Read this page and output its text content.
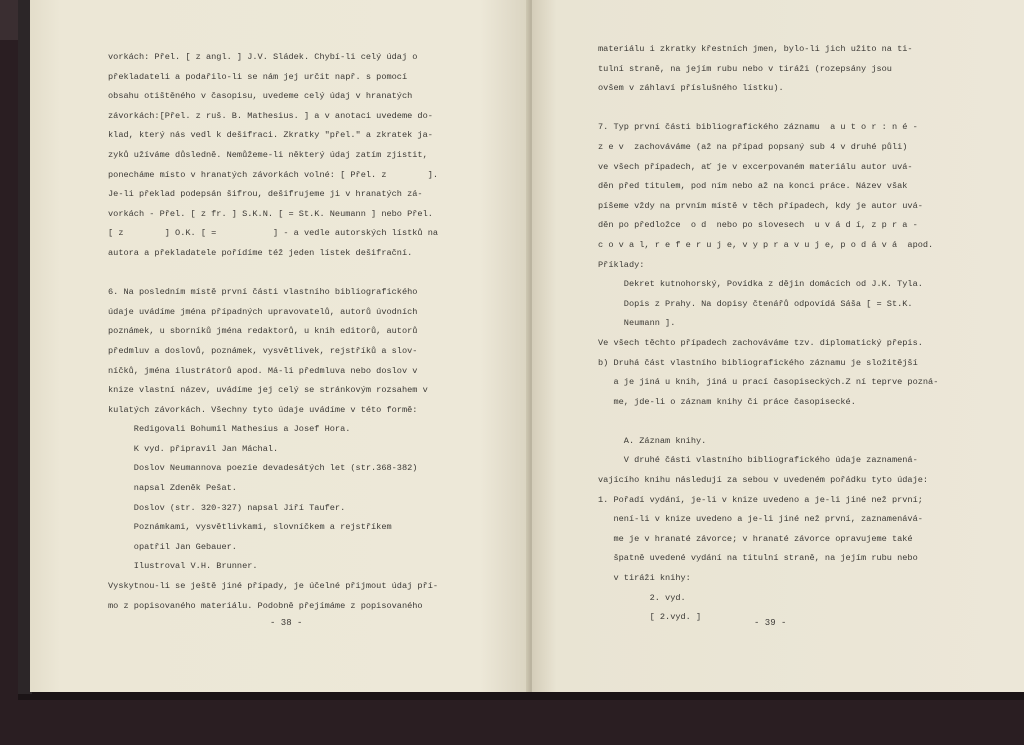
vorkách: Přel. [ z angl. ] J.V. Sládek. Chybí-li celý údaj o
překladateli a podařilo-li se nám jej určit např. s pomocí
obsahu otištěného v časopisu, uvedeme celý údaj v hranatých
závorkách:[Přel. z ruš. B. Mathesius. ] a v anotaci uvedeme do-
klad, který nás vedl k dešifraci. Zkratky "přel." a zkratek ja-
zyků užíváme důsledně. Nemůžeme-li některý údaj zatím zjistit,
ponecháme místo v hranatých závorkách volné: [ Přel. z        ].
Je-li překlad podepsán šifrou, dešifrujeme ji v hranatých zá-
vorkách - Přel. [ z fr. ] S.K.N. [ = St.K. Neumann ] nebo Přel.
[ z        ] O.K. [ =           ] - a vedle autorských lístků na
autora a překladatele pořídíme též jeden lístek dešifrační.
6. Na posledním místě první části vlastního bibliografického
údaje uvádíme jména případných upravovatelů, autorů úvodních
poznámek, u sborníků jména redaktorů, u knih editorů, autorů
předmluv a doslovů, poznámek, vysvětlivek, rejstříků a slov-
níčků, jména ilustrátorů apod. Má-li předmluva nebo doslov v
knize vlastní název, uvádíme jej celý se stránkovým rozsahem v
kulatých závorkách. Všechny tyto údaje uvádíme v této formě:
Redigovali Bohumil Mathesius a Josef Hora.
K vyd. připravil Jan Máchal.
Doslov Neumannova poezie devadesátých let (str.368-382)
napsal Zdeněk Pešat.
Doslov (str. 320-327) napsal Jiří Taufer.
Poznámkami, vysvětlivkami, slovníčkem a rejstříkem
opatřil Jan Gebauer.
Ilustroval V.H. Brunner.
Vyskytnou-li se ještě jiné případy, je účelné přijmout údaj pří-
mo z popisovaného materiálu. Podobně přejímáme z popisovaného
- 38 -
materiálu i zkratky křestních jmen, bylo-li jich užito na ti-
tulní straně, na jejím rubu nebo v tiráži (rozepsány jsou
ovšem v záhlaví příslušného lístku).
7. Typ první části bibliografického záznamu  a u t o r : n é -
z e v  zachováváme (až na případ popsaný sub 4 v druhé půli)
ve všech případech, ať je v excerpovaném materiálu autor uvá-
děn před titulem, pod ním nebo až na konci práce. Název však
píšeme vždy na prvním místě v těch případech, kdy je autor uvá-
děn po předložce  o d  nebo po slovesech  u v á d í, z p r a -
c o v a l, r e f e r u j e, v y p r a v u j e, p o d á v á  apod.
Příklady:
Dekret kutnohorský, Povídka z dějin domácích od J.K. Tyla.
Dopis z Prahy. Na dopisy čtenářů odpovídá Sáša [ = St.K.
Neumann ].
Ve všech těchto případech zachováváme tzv. diplomatický přepis.
b) Druhá část vlastního bibliografického záznamu je složitější
a je jiná u knih, jiná u prací časopiseckých.Z ní teprve pozná-
me, jde-li o záznam knihy či práce časopisecké.
A. Záznam knihy.
V druhé části vlastního bibliografického údaje zaznamená-
vajícího knihu následují za sebou v uvedeném pořádku tyto údaje:
1. Pořadí vydání, je-li v knize uvedeno a je-li jiné než první;
není-li v knize uvedeno a je-li jiné než první, zaznamenává-
me je v hranaté závorce; v hranaté závorce opravujeme také
špatně uvedené vydání na titulní straně, na jejím rubu nebo
v tiráži knihy:
2. vyd.
[ 2.vyd. ]
- 39 -
